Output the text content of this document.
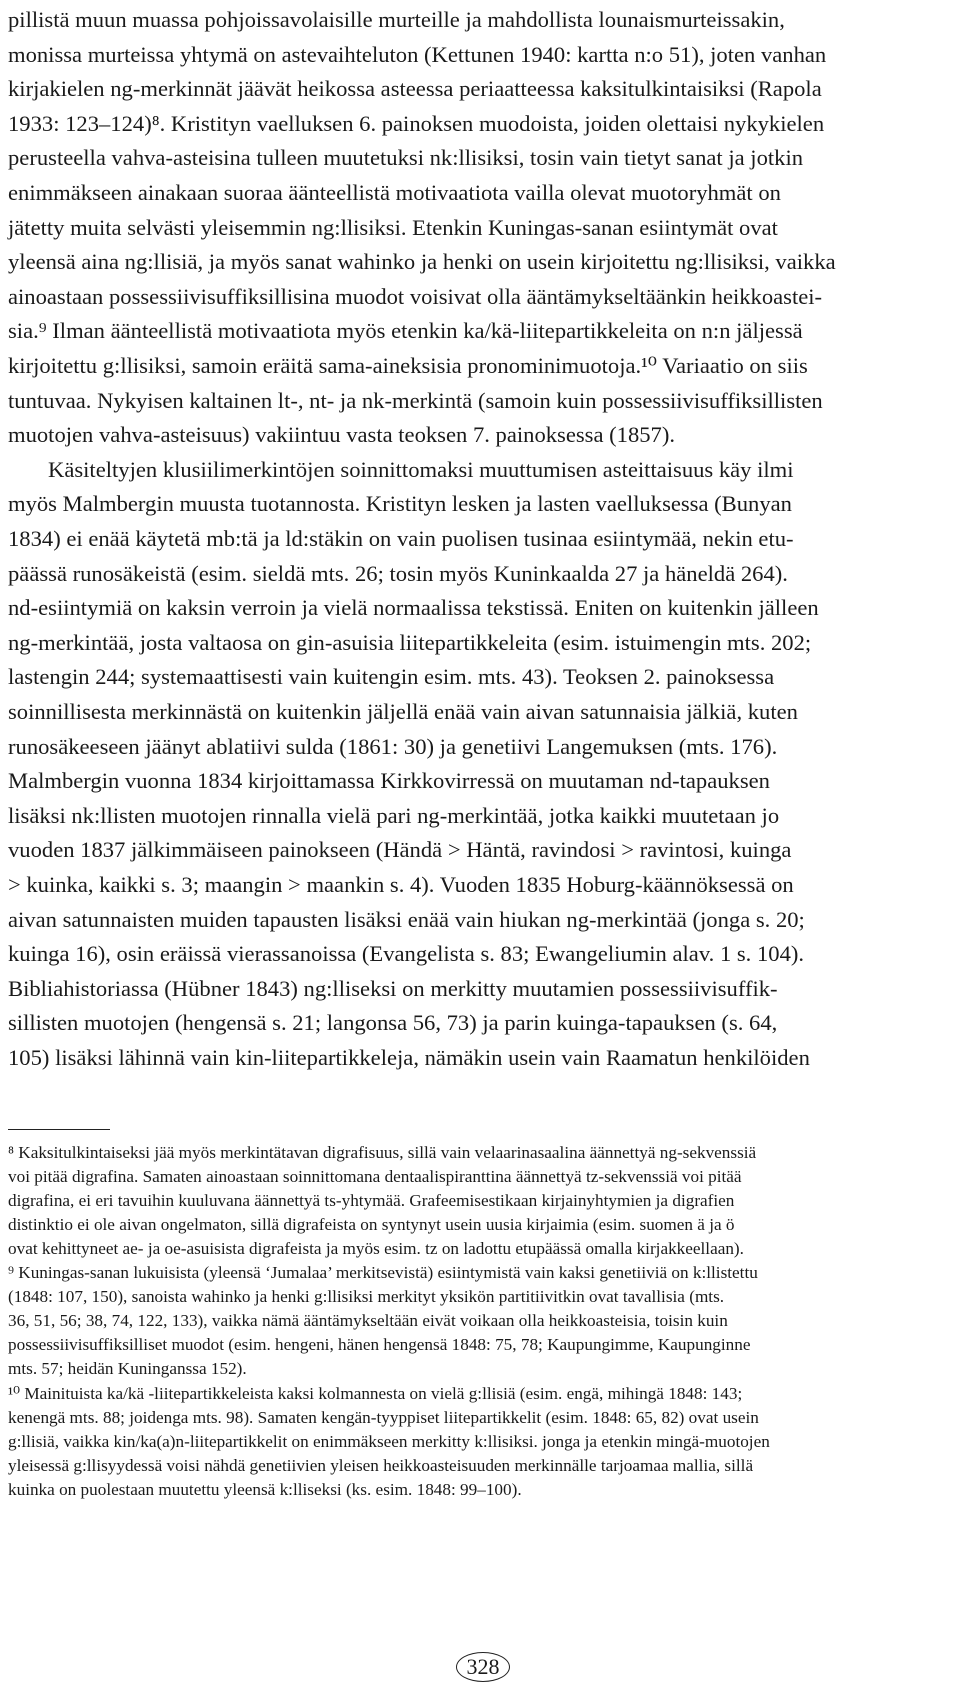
pillistä muun muassa pohjoissavolaisille murteille ja mahdollista lounaismurteissakin,
monissa murteissa yhtymä on astevaihteluton (Kettunen 1940: kartta n:o 51), joten vanhan
kirjakielen ng-merkinnät jäävät heikossa asteessa periaatteessa kaksitulkintaisiksi (Rapola
1933: 123–124)⁸. Kristityn vaelluksen 6. painoksen muodoista, joiden olettaisi nykykielen
perusteella vahva-asteisina tulleen muutetuksi nk:llisiksi, tosin vain tietyt sanat ja jotkin
enimmäkseen ainakaan suoraa äänteellistä motivaatiota vailla olevat muotoryhmät on
jätetty muita selvästi yleisemmin ng:llisiksi. Etenkin Kuningas-sanan esiintymät ovat
yleensä aina ng:llisiä, ja myös sanat wahinko ja henki on usein kirjoitettu ng:llisiksi, vaikka
ainoastaan possessiivisuffiksillisina muodot voisivat olla ääntämykseltäänkin heikkoastei-
sia.⁹ Ilman äänteellistä motivaatiota myös etenkin ka/kä-liitepartikkeleita on n:n jäljessä
kirjoitettu g:llisiksi, samoin eräitä sama-aineksisia pronominimuotoja.¹⁰ Variaatio on siis
tuntuvaa. Nykyisen kaltainen lt-, nt- ja nk-merkintä (samoin kuin possessiivisuffiksillisten
muotojen vahva-asteisuus) vakiintuu vasta teoksen 7. painoksessa (1857).
Käsiteltyjen klusiilimerkintöjen soinnittomaksi muuttumisen asteittaisuus käy ilmi
myös Malmbergin muusta tuotannosta. Kristityn lesken ja lasten vaelluksessa (Bunyan
1834) ei enää käytetä mb:tä ja ld:stäkin on vain puolisen tusinaa esiintymää, nekin etu-
päässä runosäkeistä (esim. sieldä mts. 26; tosin myös Kuninkaalda 27 ja häneldä 264).
nd-esiintymiä on kaksin verroin ja vielä normaalissa tekstissä. Eniten on kuitenkin jälleen
ng-merkintää, josta valtaosa on gin-asuisia liitepartikkeleita (esim. istuimengin mts. 202;
lastengin 244; systemaattisesti vain kuitengin esim. mts. 43). Teoksen 2. painoksessa
soinnillisesta merkinnästä on kuitenkin jäljellä enää vain aivan satunnaisia jälkiä, kuten
runosäkeeseen jäänyt ablatiivi sulda (1861: 30) ja genetiivi Langemuksen (mts. 176).
Malmbergin vuonna 1834 kirjoittamassa Kirkkovirressä on muutaman nd-tapauksen
lisäksi nk:llisten muotojen rinnalla vielä pari ng-merkintää, jotka kaikki muutetaan jo
vuoden 1837 jälkimmäiseen painokseen (Händä > Häntä, ravindosi > ravintosi, kuinga
> kuinka, kaikki s. 3; maangin > maankin s. 4). Vuoden 1835 Hoburg-käännöksessä on
aivan satunnaisten muiden tapausten lisäksi enää vain hiukan ng-merkintää (jonga s. 20;
kuinga 16), osin eräissä vierassanoissa (Evangelista s. 83; Ewangeliumin alav. 1 s. 104).
Bibliahistoriassa (Hübner 1843) ng:lliseksi on merkitty muutamien possessiivisuffik-
sillisten muotojen (hengensä s. 21; langonsa 56, 73) ja parin kuinga-tapauksen (s. 64,
105) lisäksi lähinnä vain kin-liitepartikkeleja, nämäkin usein vain Raamatun henkilöiden
⁸ Kaksitulkintaiseksi jää myös merkintätavan digrafisuus, sillä vain velaarinasaalina äännettyä ng-sekvenssiä
voi pitää digrafina. Samaten ainoastaan soinnittomana dentaalispiranttina äännettyä tz-sekvenssiä voi pitää
digrafina, ei eri tavuihin kuuluvana äännettyä ts-yhtymää. Grafeemisestikaan kirjainyhtymien ja digrafien
distinktio ei ole aivan ongelmaton, sillä digrafeista on syntynyt usein uusia kirjaimia (esim. suomen ä ja ö
ovat kehittyneet ae- ja oe-asuisista digrafeista ja myös esim. tz on ladottu etupäässä omalla kirjakkeellaan).
⁹ Kuningas-sanan lukuisista (yleensä ‘Jumalaa’ merkitsevistä) esiintymistä vain kaksi genetiiviä on k:llistettu
(1848: 107, 150), sanoista wahinko ja henki g:llisiksi merkityt yksikön partitiivitkin ovat tavallisia (mts.
36, 51, 56; 38, 74, 122, 133), vaikka nämä ääntämykseltään eivät voikaan olla heikkoasteisia, toisin kuin
possessiivisuffiksilliset muodot (esim. hengeni, hänen hengensä 1848: 75, 78; Kaupungimme, Kaupunginne
mts. 57; heidän Kuninganssa 152).
¹⁰ Mainituista ka/kä -liitepartikkeleista kaksi kolmannesta on vielä g:llisiä (esim. engä, mihingä 1848: 143;
kenengä mts. 88; joidenga mts. 98). Samaten kengän-tyyppiset liitepartikkelit (esim. 1848: 65, 82) ovat usein
g:llisiä, vaikka kin/ka(a)n-liitepartikkelit on enimmäkseen merkitty k:llisiksi. jonga ja etenkin mingä-muotojen
yleisessä g:llisyydessä voisi nähdä genetiivien yleisen heikkoasteisuuden merkinnälle tarjoamaa mallia, sillä
kuinka on puolestaan muutettu yleensä k:lliseksi (ks. esim. 1848: 99–100).
328
